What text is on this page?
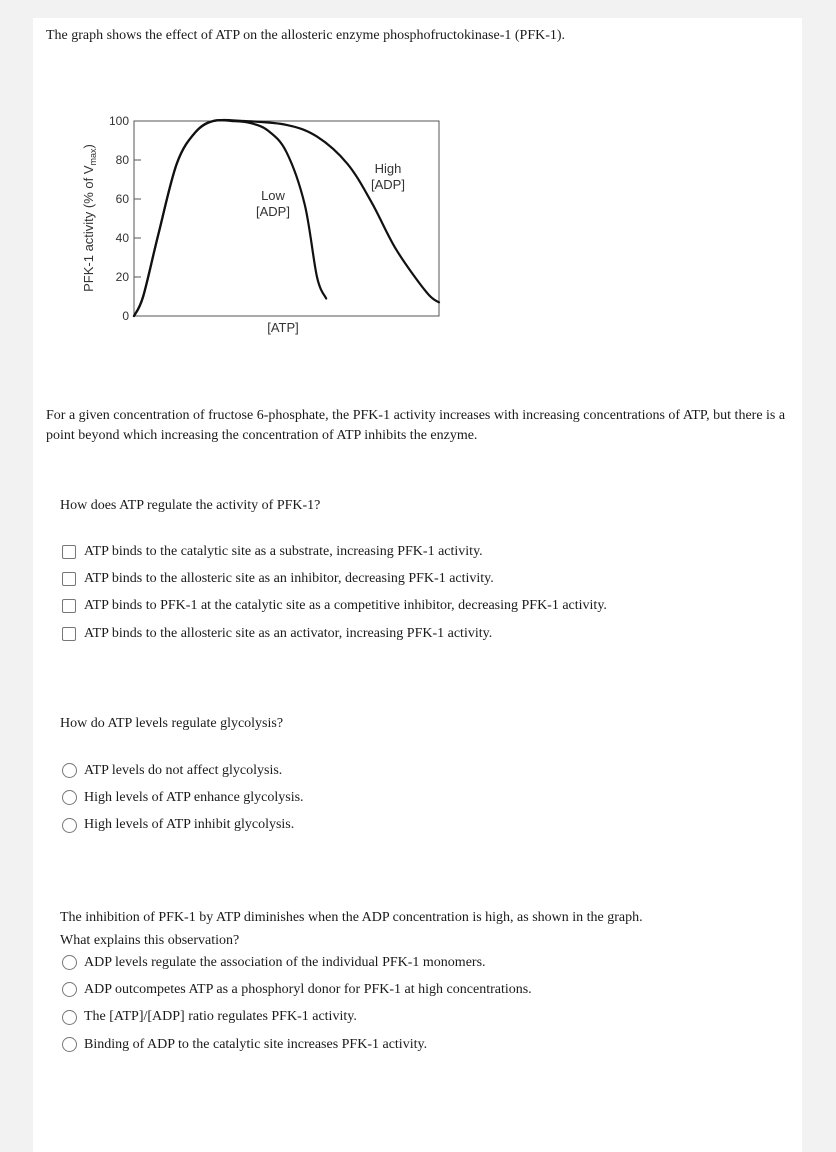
The graph shows the effect of ATP on the allosteric enzyme phosphofructokinase-1 (PFK-1).
100
80
60
40
20
0
PFK-1 activity (% of $V_{max}$)
[ATP]
Low
[ADP]
High
[ADP]
For a given concentration of fructose 6-phosphate, the PFK-1 activity increases with increasing concentrations of ATP, but there is a point beyond which increasing the concentration of ATP inhibits the enzyme.
How does ATP regulate the activity of PFK-1?
ATP binds to the catalytic site as a substrate, increasing PFK-1 activity.
ATP binds to the allosteric site as an inhibitor, decreasing PFK-1 activity.
ATP binds to PFK-1 at the catalytic site as a competitive inhibitor, decreasing PFK-1 activity.
ATP binds to the allosteric site as an activator, increasing PFK-1 activity.
How do ATP levels regulate glycolysis?
ATP levels do not affect glycolysis.
High levels of ATP enhance glycolysis.
High levels of ATP inhibit glycolysis.

The inhibition of PFK-1 by ATP diminishes when the ADP concentration is high, as shown in the graph.

What explains this observation?

ADP levels regulate the association of the individual PFK-1 monomers.
ADP outcompetes ATP as a phosphoryl donor for PFK-1 at high concentrations.
The [ATP]/[ADP] ratio regulates PFK-1 activity.
Binding of ADP to the catalytic site increases PFK-1 activity.
